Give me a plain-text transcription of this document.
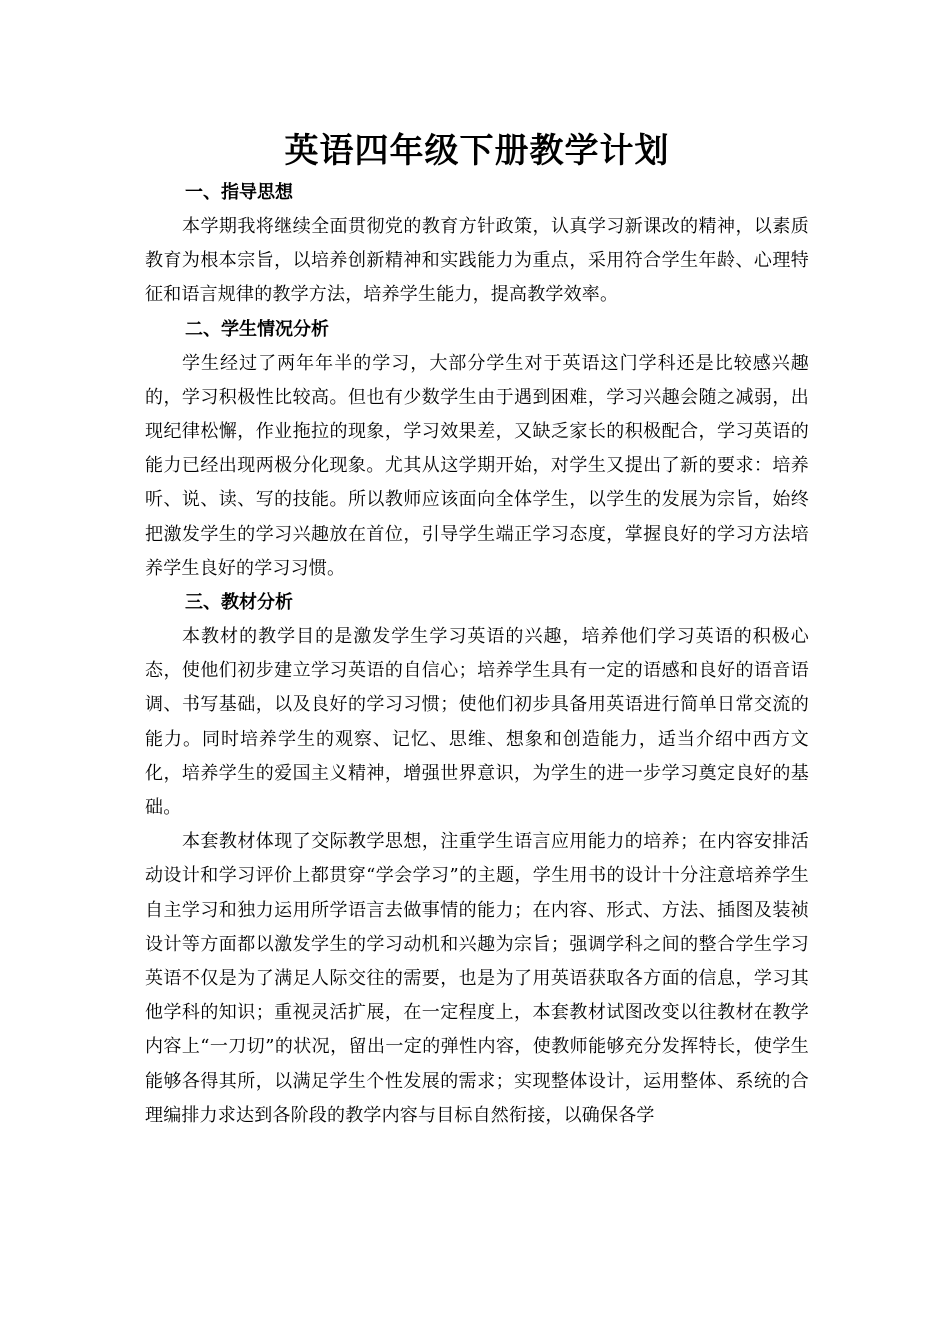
英语四年级下册教学计划
一、指导思想

本学期我将继续全面贯彻党的教育方针政策，认真学习新课改的精神，以素质教育为根本宗旨，以培养创新精神和实践能力为重点，采用符合学生年龄、心理特征和语言规律的教学方法，培养学生能力，提高教学效率。

二、学生情况分析

学生经过了两年年半的学习，大部分学生对于英语这门学科还是比较感兴趣的，学习积极性比较高。但也有少数学生由于遇到困难，学习兴趣会随之减弱，出现纪律松懈，作业拖拉的现象，学习效果差，又缺乏家长的积极配合，学习英语的能力已经出现两极分化现象。尤其从这学期开始，对学生又提出了新的要求：培养听、说、读、写的技能。所以教师应该面向全体学生，以学生的发展为宗旨，始终把激发学生的学习兴趣放在首位，引导学生端正学习态度，掌握良好的学习方法培养学生良好的学习习惯。

三、教材分析

本教材的教学目的是激发学生学习英语的兴趣，培养他们学习英语的积极心态，使他们初步建立学习英语的自信心；培养学生具有一定的语感和良好的语音语调、书写基础，以及良好的学习习惯；使他们初步具备用英语进行简单日常交流的能力。同时培养学生的观察、记忆、思维、想象和创造能力，适当介绍中西方文化，培养学生的爱国主义精神，增强世界意识，为学生的进一步学习奠定良好的基础。

本套教材体现了交际教学思想，注重学生语言应用能力的培养；在内容安排活动设计和学习评价上都贯穿“学会学习”的主题，学生用书的设计十分注意培养学生自主学习和独力运用所学语言去做事情的能力；在内容、形式、方法、插图及装祯设计等方面都以激发学生的学习动机和兴趣为宗旨；强调学科之间的整合学生学习英语不仅是为了满足人际交往的需要，也是为了用英语获取各方面的信息，学习其他学科的知识；重视灵活扩展，在一定程度上，本套教材试图改变以往教材在教学内容上“一刀切”的状况，留出一定的弹性内容，使教师能够充分发挥特长，使学生能够各得其所，以满足学生个性发展的需求；实现整体设计，运用整体、系统的合理编排力求达到各阶段的教学内容与目标自然衔接，以确保各学
